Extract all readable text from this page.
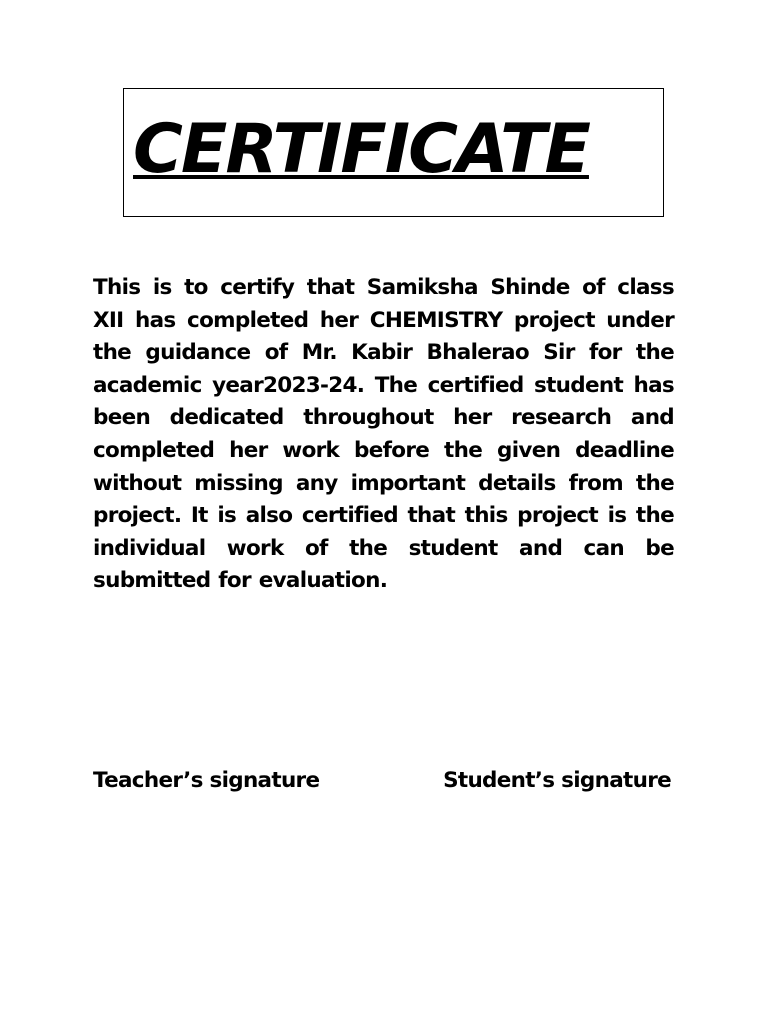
CERTIFICATE

This is to certify that Samiksha Shinde of class XII has completed her CHEMISTRY project under the guidance of Mr. Kabir Bhalerao Sir for the academic year2023-24. The certified student has been dedicated throughout her research and completed her work before the given deadline without missing any important details from the project. It is also certified that this project is the individual work of the student and can be submitted for evaluation.

Teacher’s signature	Student’s signature
